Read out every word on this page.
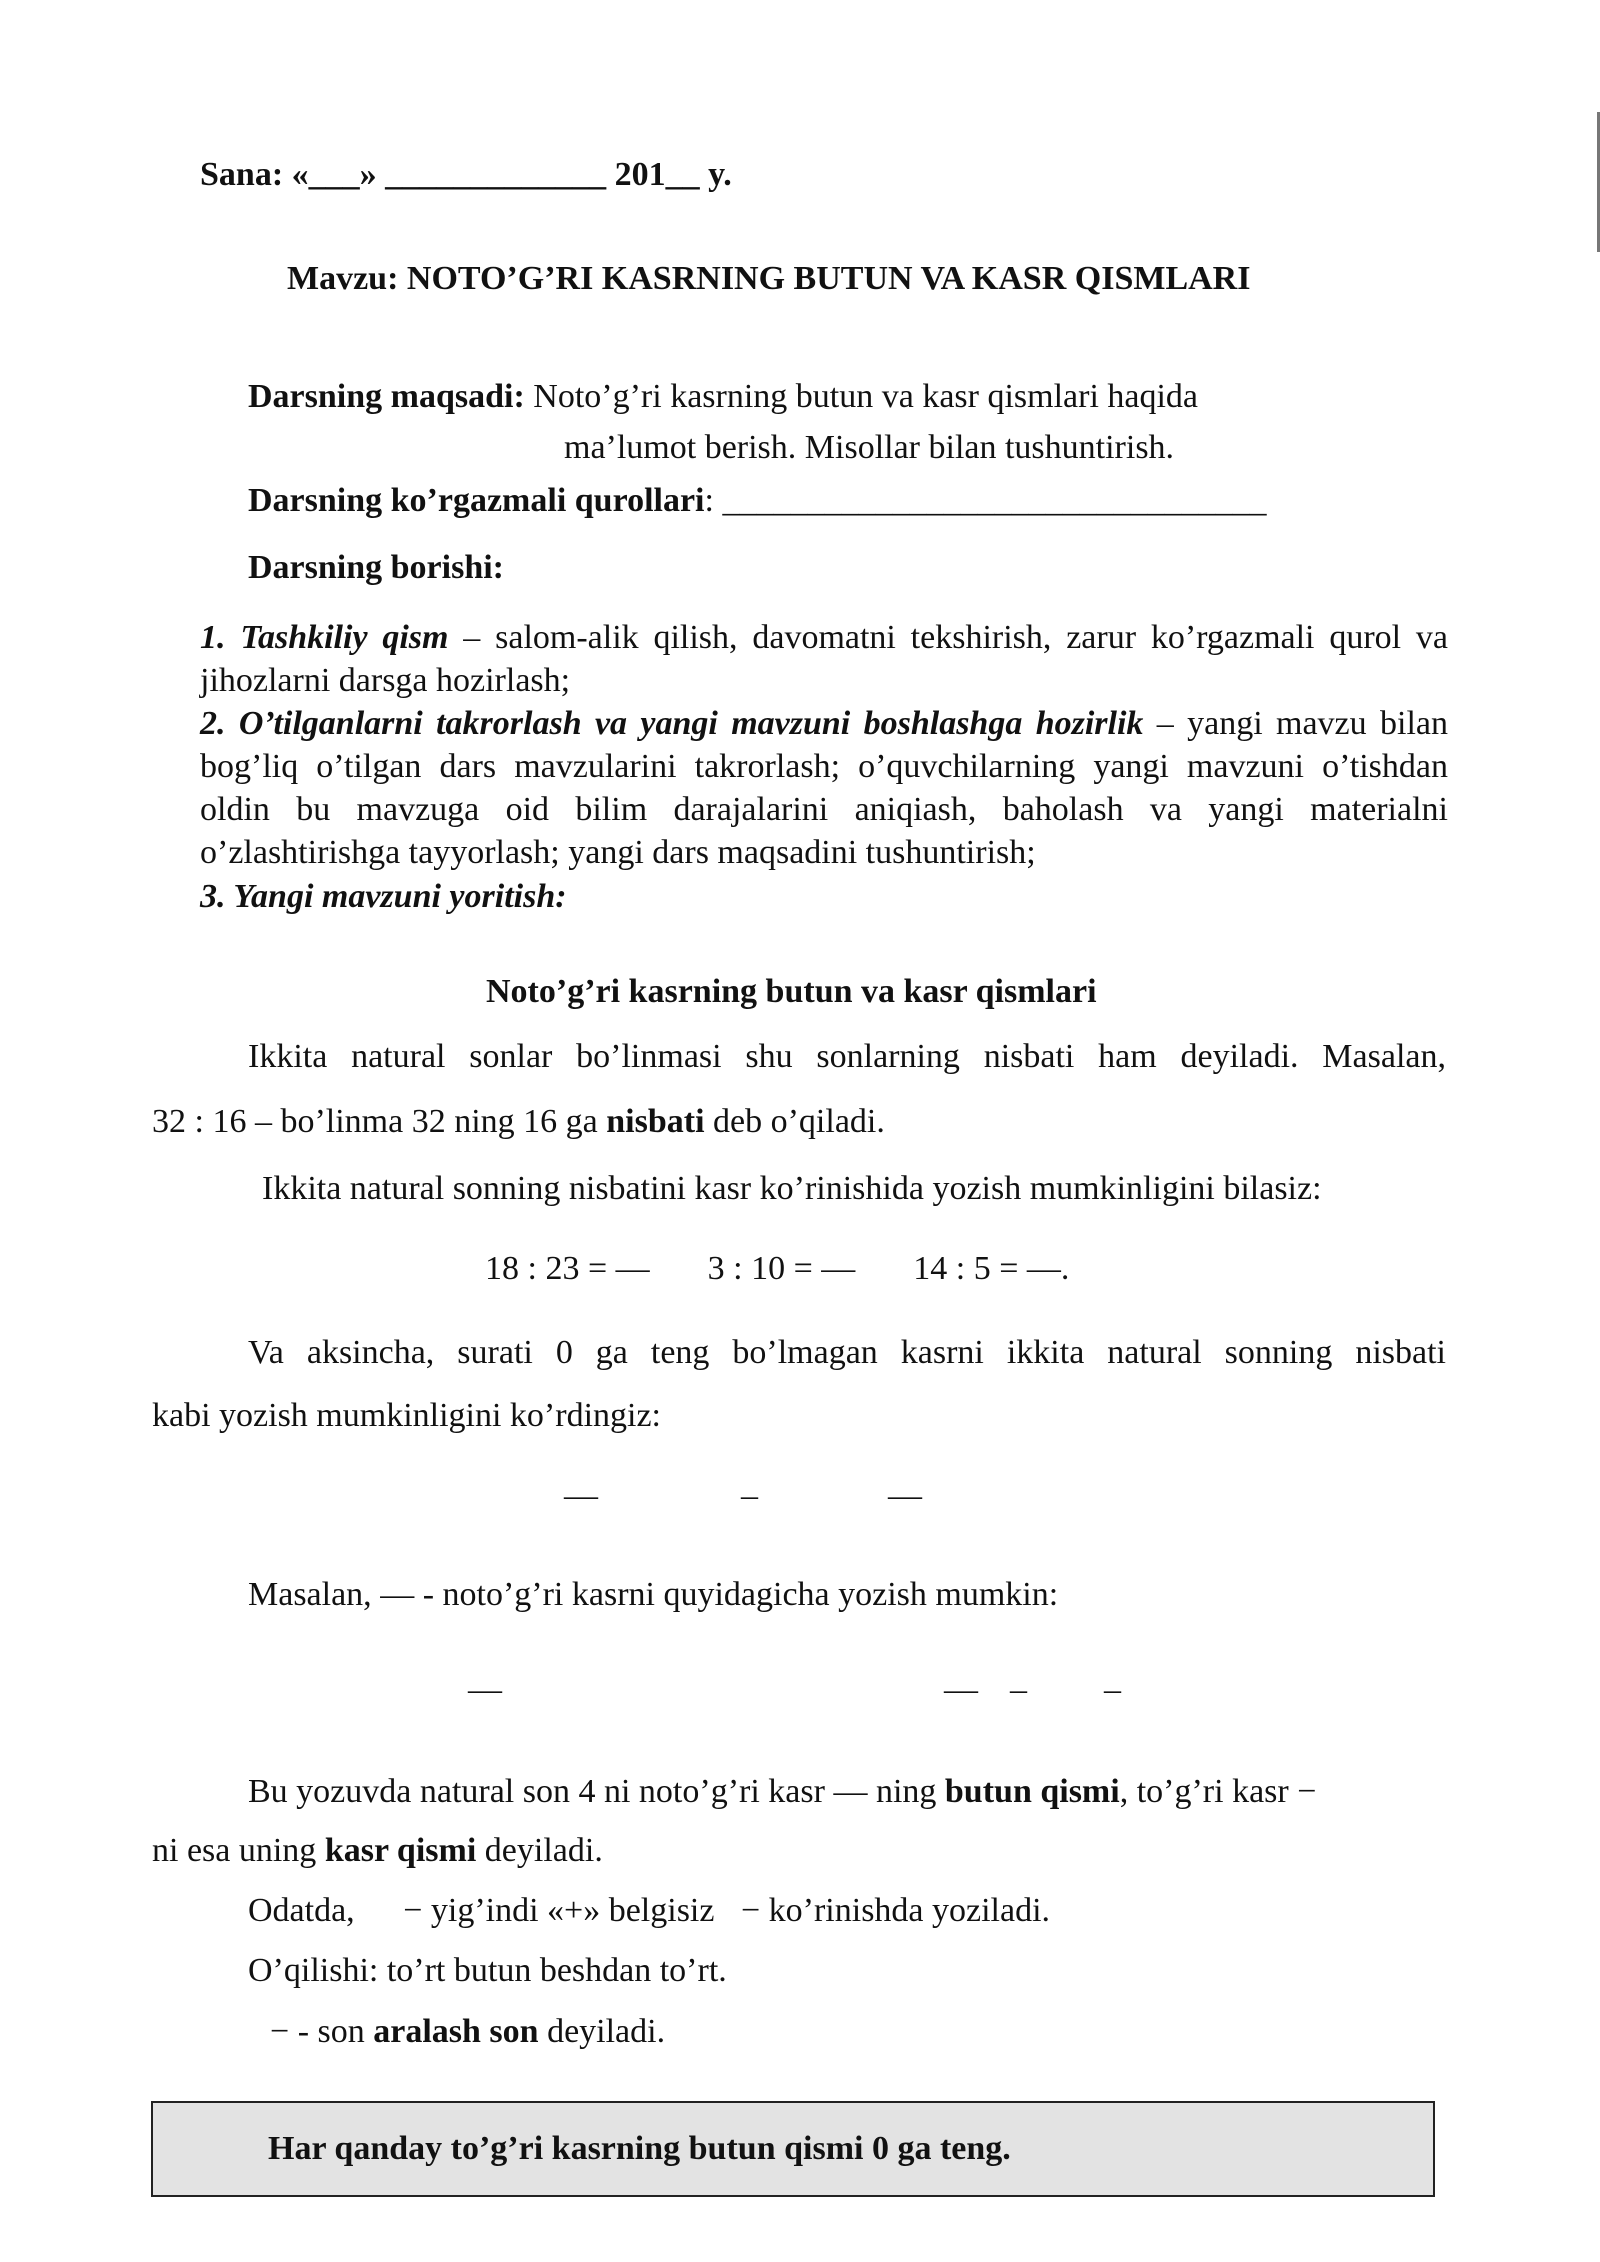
Sana: «___» _____________ 201__ y.
Mavzu: NOTO’G’RI KASRNING BUTUN VA KASR QISMLARI
Darsning maqsadi: Noto’g’ri kasrning butun va kasr qismlari haqida
ma’lumot berish. Misollar bilan tushuntirish.
Darsning ko’rgazmali qurollari: ________________________________
Darsning borishi:
1. Tashkiliy qism – salom-alik qilish, davomatni tekshirish, zarur ko’rgazmali qurol va jihozlarni darsga hozirlash;
2. O’tilganlarni takrorlash va yangi mavzuni boshlashga hozirlik – yangi mavzu bilan bog’liq o’tilgan dars mavzularini takrorlash; o’quvchilarning yangi mavzuni o’tishdan oldin bu mavzuga oid bilim darajalarini aniqiash, baholash va yangi materialni o’zlashtirishga tayyorlash; yangi dars maqsadini tushuntirish;
3. Yangi mavzuni yoritish:
Noto’g’ri kasrning butun va kasr qismlari
Ikkita natural sonlar bo’linmasi shu sonlarning nisbati ham deyiladi. Masalan,
32 : 16 – bo’linma 32 ning 16 ga nisbati deb o’qiladi.
Ikkita natural sonning nisbatini kasr ko’rinishida yozish mumkinligini bilasiz:
18 : 23 = — 3 : 10 = — 14 : 5 = —.
Va aksincha, surati 0 ga teng bo’lmagan kasrni ikkita natural sonning nisbati
kabi yozish mumkinligini ko’rdingiz:
—	–	—
Masalan, — - noto’g’ri kasrni quyidagicha yozish mumkin:
—	— – –
Bu yozuvda natural son 4 ni noto’g’ri kasr — ning butun qismi, to’g’ri kasr −
ni esa uning kasr qismi deyiladi.
Odatda, − yig’indi «+» belgisiz − ko’rinishda yoziladi.
O’qilishi: to’rt butun beshdan to’rt.
− - son aralash son deyiladi.
Har qanday to’g’ri kasrning butun qismi 0 ga teng.
